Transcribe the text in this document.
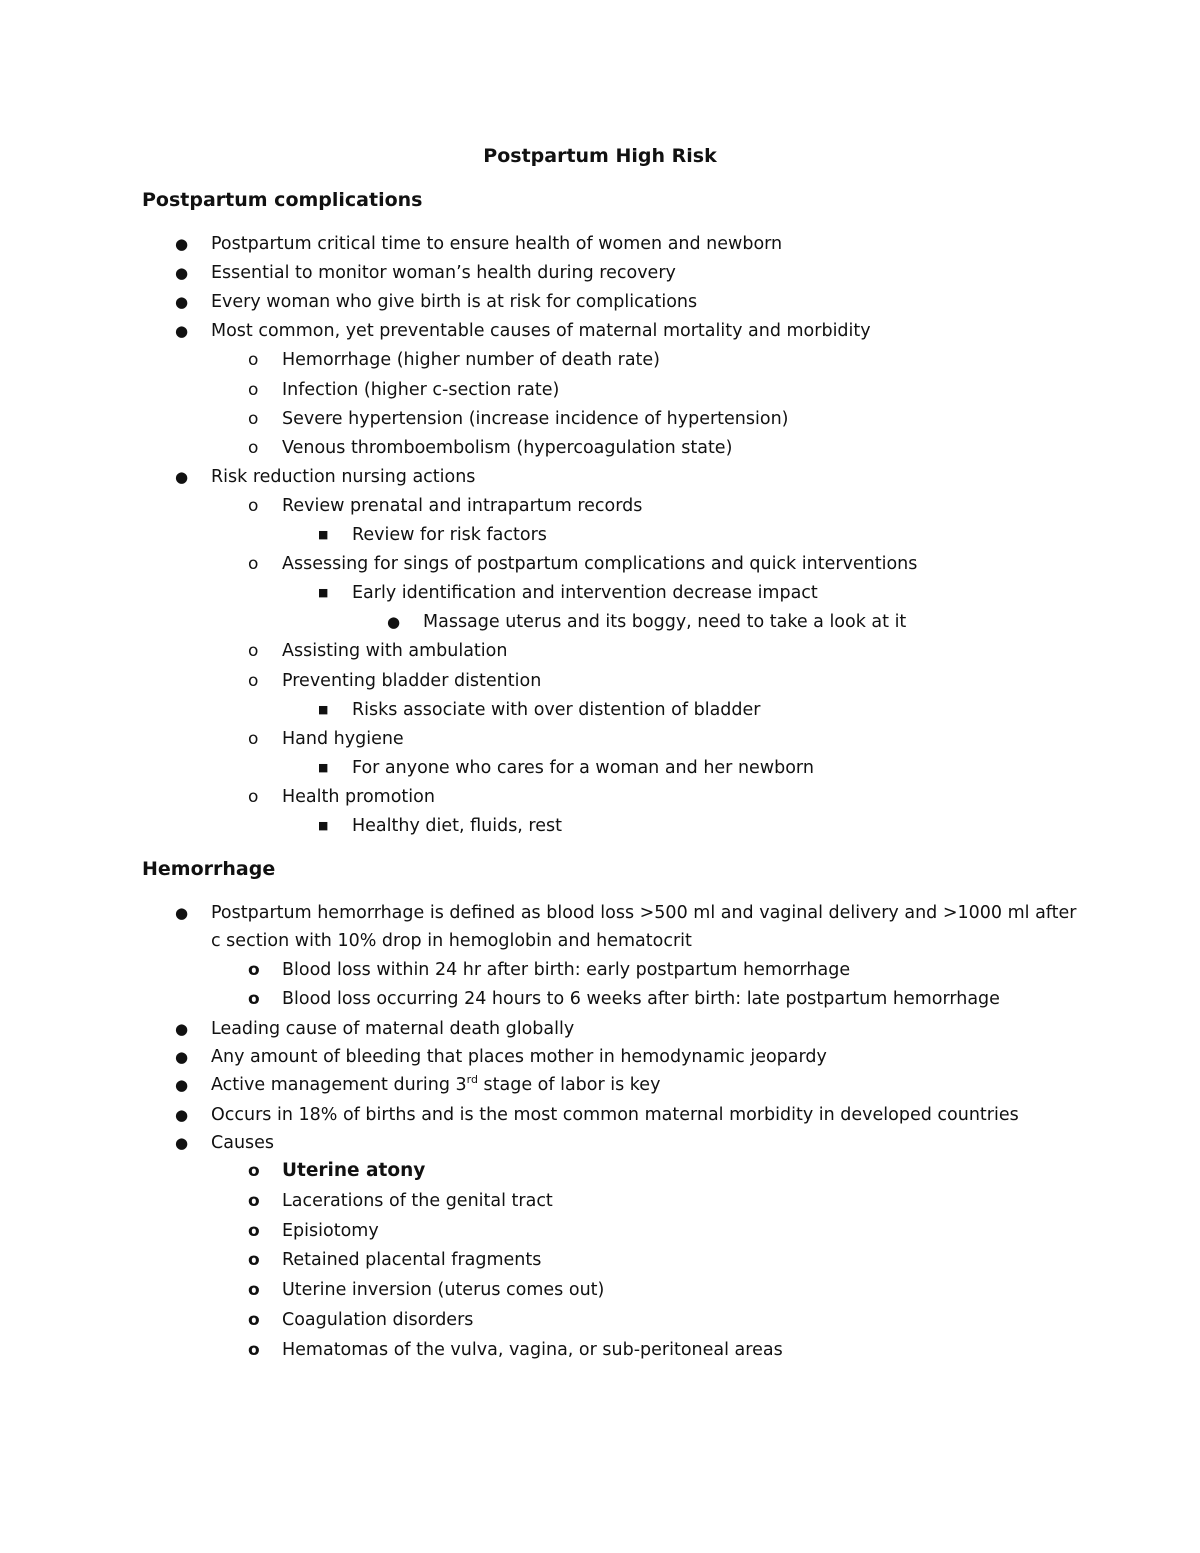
Postpartum High Risk
Postpartum complications
● Postpartum critical time to ensure health of women and newborn
● Essential to monitor woman’s health during recovery
● Every woman who give birth is at risk for complications
● Most common, yet preventable causes of maternal mortality and morbidity
o Hemorrhage (higher number of death rate)
o Infection (higher c-section rate)
o Severe hypertension (increase incidence of hypertension)
o Venous thromboembolism (hypercoagulation state)
● Risk reduction nursing actions
o Review prenatal and intrapartum records
■ Review for risk factors
o Assessing for sings of postpartum complications and quick interventions
■ Early identification and intervention decrease impact
● Massage uterus and its boggy, need to take a look at it
o Assisting with ambulation
o Preventing bladder distention
■ Risks associate with over distention of bladder
o Hand hygiene
■ For anyone who cares for a woman and her newborn
o Health promotion
■ Healthy diet, fluids, rest
Hemorrhage
● Postpartum hemorrhage is defined as blood loss >500 ml and vaginal delivery and >1000 ml after
c section with 10% drop in hemoglobin and hematocrit
o Blood loss within 24 hr after birth: early postpartum hemorrhage
o Blood loss occurring 24 hours to 6 weeks after birth: late postpartum hemorrhage
● Leading cause of maternal death globally
● Any amount of bleeding that places mother in hemodynamic jeopardy
● Active management during 3rd stage of labor is key
● Occurs in 18% of births and is the most common maternal morbidity in developed countries
● Causes
o Uterine atony
o Lacerations of the genital tract
o Episiotomy
o Retained placental fragments
o Uterine inversion (uterus comes out)
o Coagulation disorders
o Hematomas of the vulva, vagina, or sub-peritoneal areas
